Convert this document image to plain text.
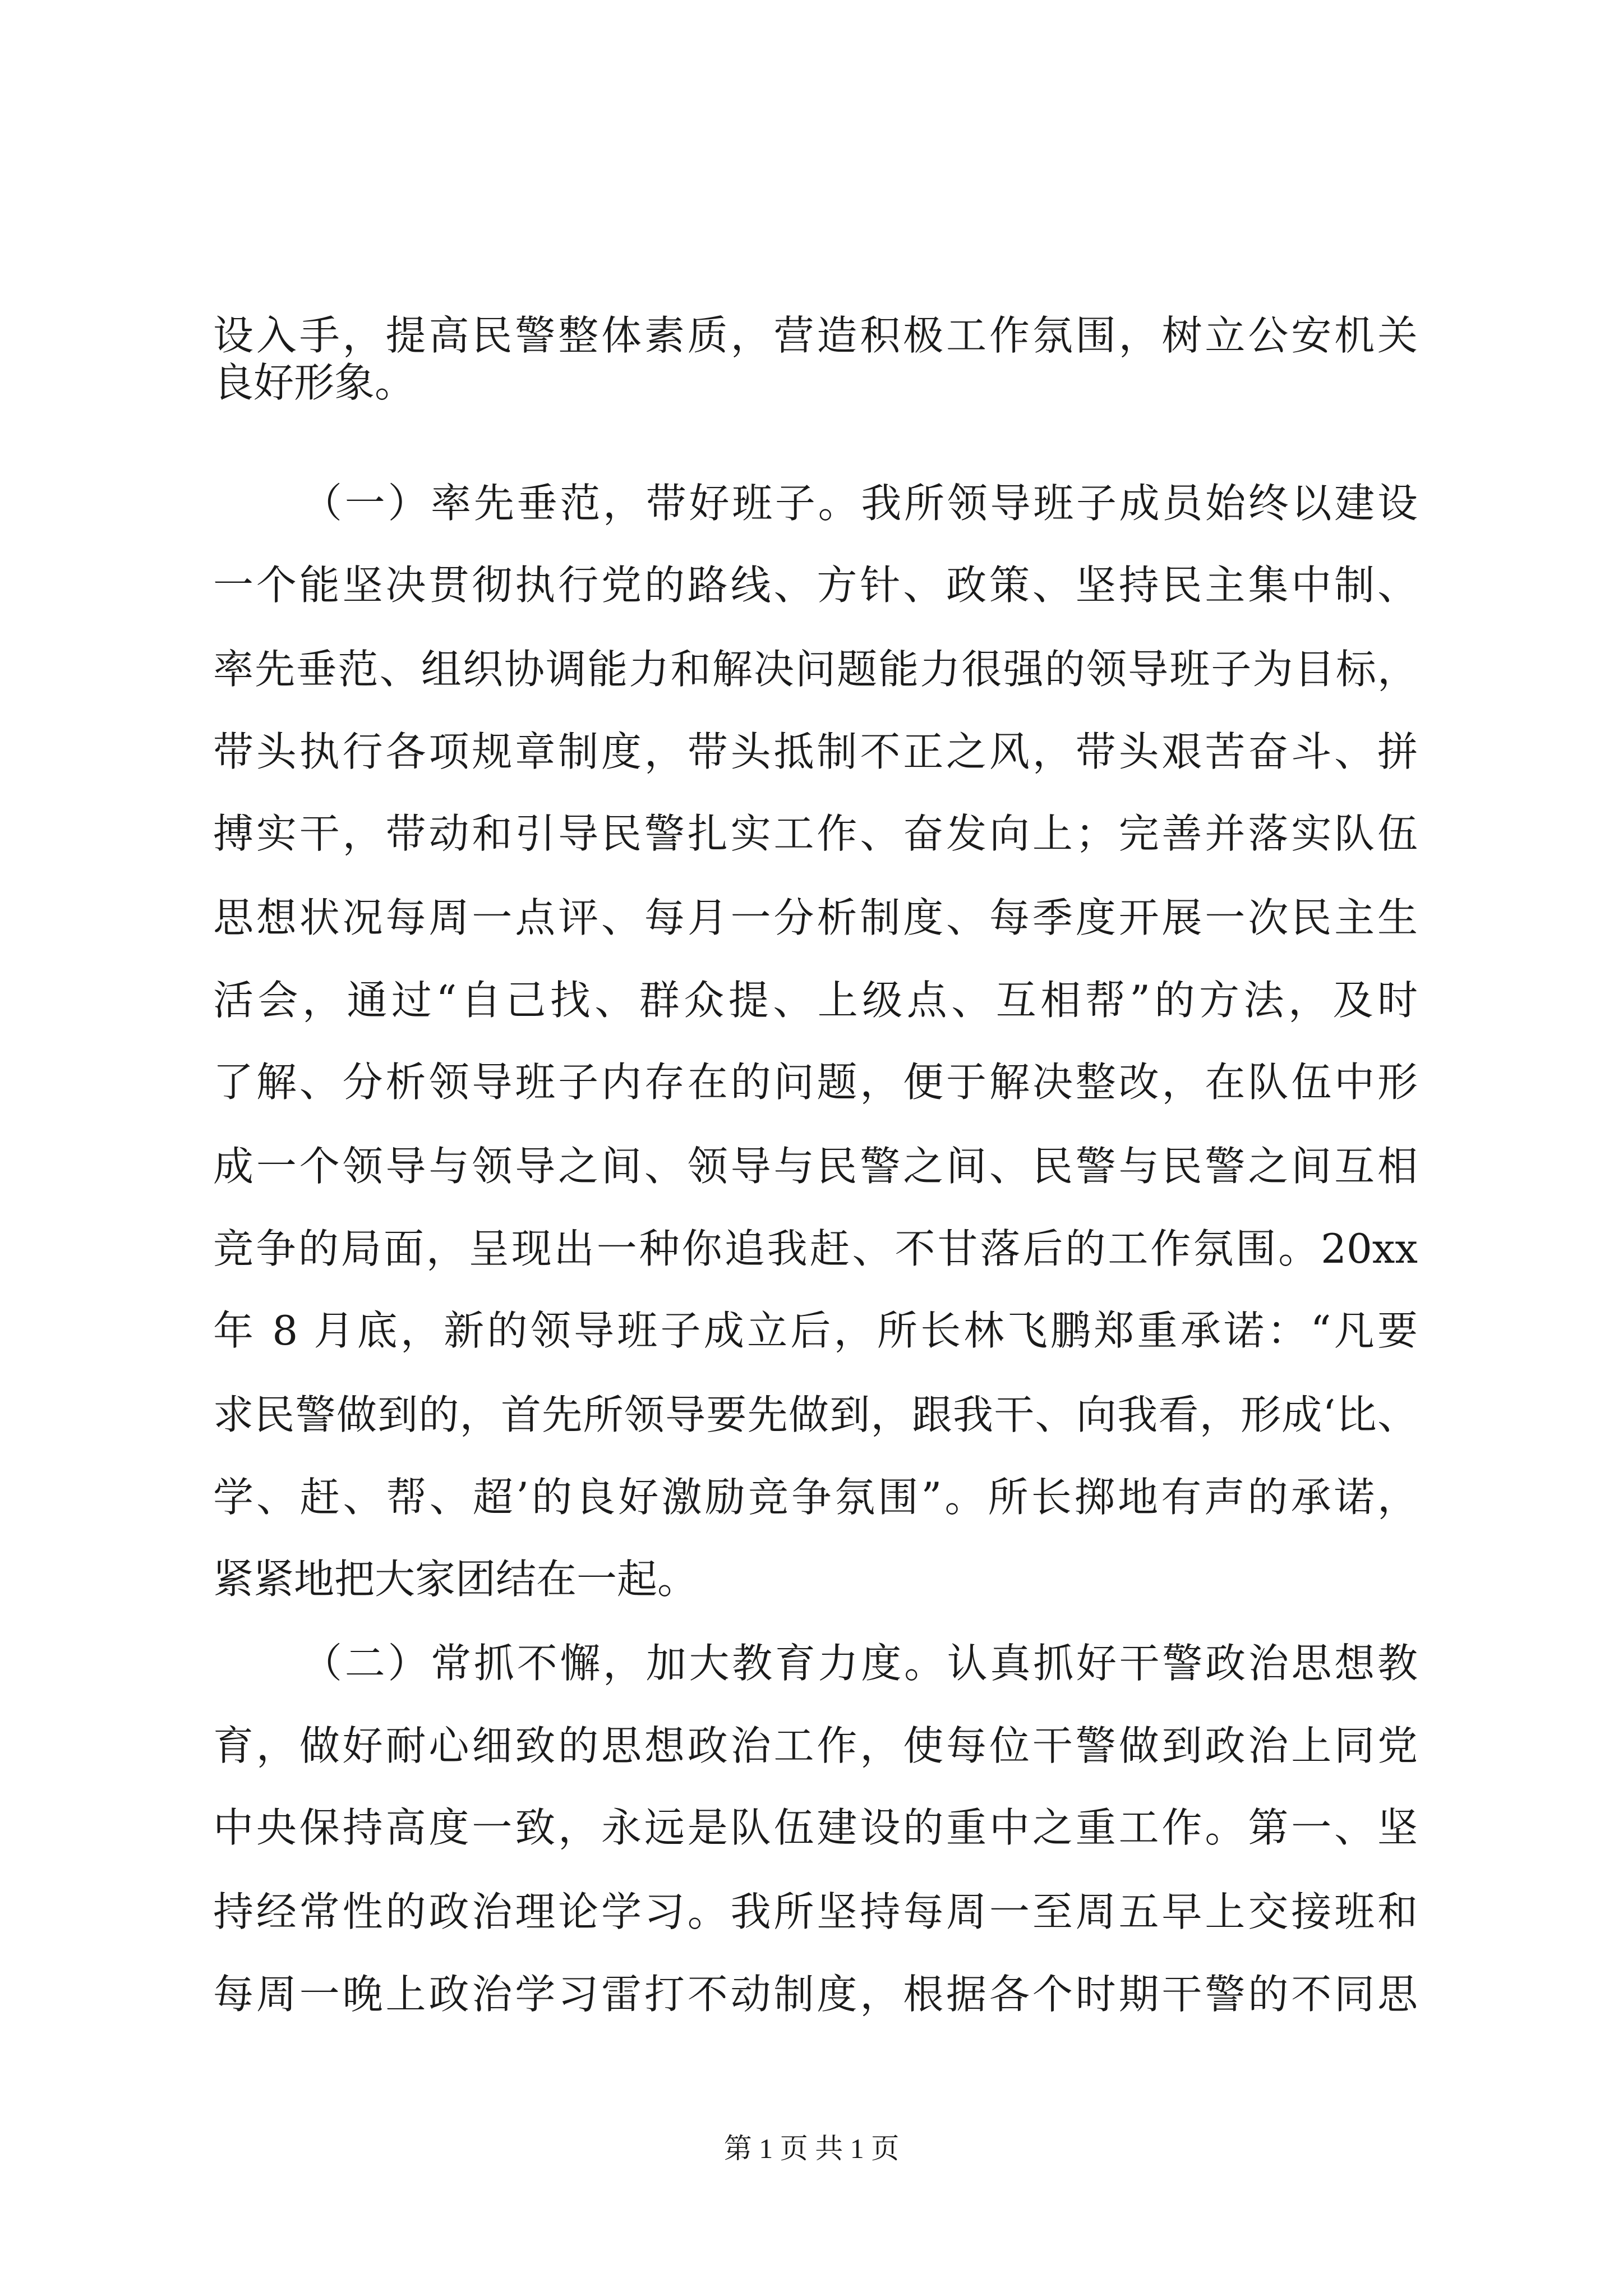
设入手，提高民警整体素质，营造积极工作氛围，树立公安机关
良好形象。
（一）率先垂范，带好班子。我所领导班子成员始终以建设
一个能坚决贯彻执行党的路线、方针、政策、坚持民主集中制、
率先垂范、组织协调能力和解决问题能力很强的领导班子为目标，
带头执行各项规章制度，带头抵制不正之风，带头艰苦奋斗、拼
搏实干，带动和引导民警扎实工作、奋发向上；完善并落实队伍
思想状况每周一点评、每月一分析制度、每季度开展一次民主生
活会，通过“自己找、群众提、上级点、互相帮”的方法，及时
了解、分析领导班子内存在的问题，便于解决整改，在队伍中形
成一个领导与领导之间、领导与民警之间、民警与民警之间互相
竞争的局面，呈现出一种你追我赶、不甘落后的工作氛围。20xx
年 8 月底，新的领导班子成立后，所长林飞鹏郑重承诺：“凡要
求民警做到的，首先所领导要先做到，跟我干、向我看，形成‘比、
学、赶、帮、超’的良好激励竞争氛围”。所长掷地有声的承诺，
紧紧地把大家团结在一起。
（二）常抓不懈，加大教育力度。认真抓好干警政治思想教
育，做好耐心细致的思想政治工作，使每位干警做到政治上同党
中央保持高度一致，永远是队伍建设的重中之重工作。第一、坚
持经常性的政治理论学习。我所坚持每周一至周五早上交接班和
每周一晚上政治学习雷打不动制度，根据各个时期干警的不同思
第 1 页 共 1 页
